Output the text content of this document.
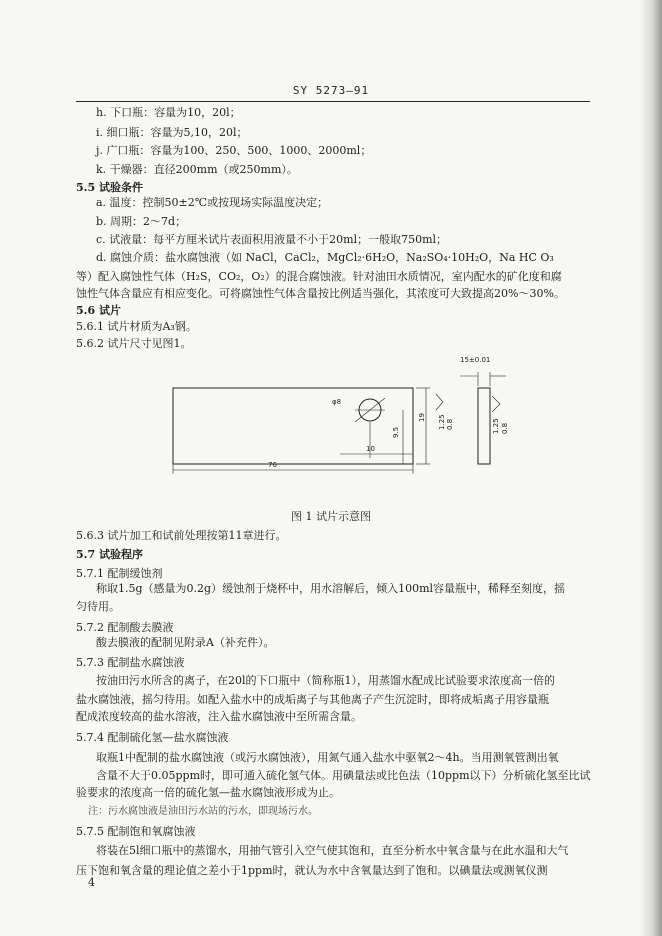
SY 5273—91
h. 下口瓶：容量为10，20l；
i. 细口瓶：容量为5,10，20l；
j. 广口瓶：容量为100、250、500、1000、2000ml；
k. 干燥器：直径200mm（或250mm）。
5.5 试验条件
a. 温度：控制50±2℃或按现场实际温度决定；
b. 周期：2～7d；
c. 试液量：每平方厘米试片表面积用液量不小于20ml；一般取750ml；
d. 腐蚀介质：盐水腐蚀液（如 NaCl，CaCl₂，MgCl₂·6H₂O，Na₂SO₄·10H₂O，Na HC O₃
等）配入腐蚀性气体（H₂S，CO₂，O₂）的混合腐蚀液。针对油田水质情况，室内配水的矿化度和腐
蚀性气体含量应有相应变化。可将腐蚀性气体含量按比例适当强化，其浓度可大致提高20%～30%。
5.6 试片
5.6.1 试片材质为A₃钢。
5.6.2 试片尺寸见图1。
5.6.3 试片加工和试前处理按第11章进行。
5.7 试验程序
5.7.1 配制缓蚀剂
称取1.5g（感量为0.2g）缓蚀剂于烧杯中，用水溶解后，倾入100ml容量瓶中，稀释至刻度，摇
匀待用。
5.7.2 配制酸去膜液
酸去膜液的配制见附录A（补充件）。
5.7.3 配制盐水腐蚀液
按油田污水所含的离子，在20l的下口瓶中（简称瓶1），用蒸馏水配成比试验要求浓度高一倍的
盐水腐蚀液，摇匀待用。如配入盐水中的成垢离子与其他离子产生沉淀时，即将成垢离子用容量瓶
配成浓度较高的盐水溶液，注入盐水腐蚀液中至所需含量。
5.7.4 配制硫化氢—盐水腐蚀液
取瓶1中配制的盐水腐蚀液（或污水腐蚀液），用氮气通入盐水中驱氧2～4h。当用测氧管测出氧
含量不大于0.05ppm时，即可通入硫化氢气体。用碘量法或比色法（10ppm以下）分析硫化氢至比试
验要求的浓度高一倍的硫化氢—盐水腐蚀液形成为止。
注：污水腐蚀液是油田污水站的污水，即现场污水。
5.7.5 配制饱和氧腐蚀液
将装在5l细口瓶中的蒸馏水，用抽气管引入空气使其饱和，直至分析水中氧含量与在此水温和大气
压下饱和氧含量的理论值之差小于1ppm时，就认为水中含氧量达到了饱和。以碘量法或测氧仪测
φ8
76
10
9.5
19 1.25 0.8
15±0.01
1.25 0.8
图 1 试片示意图
4
